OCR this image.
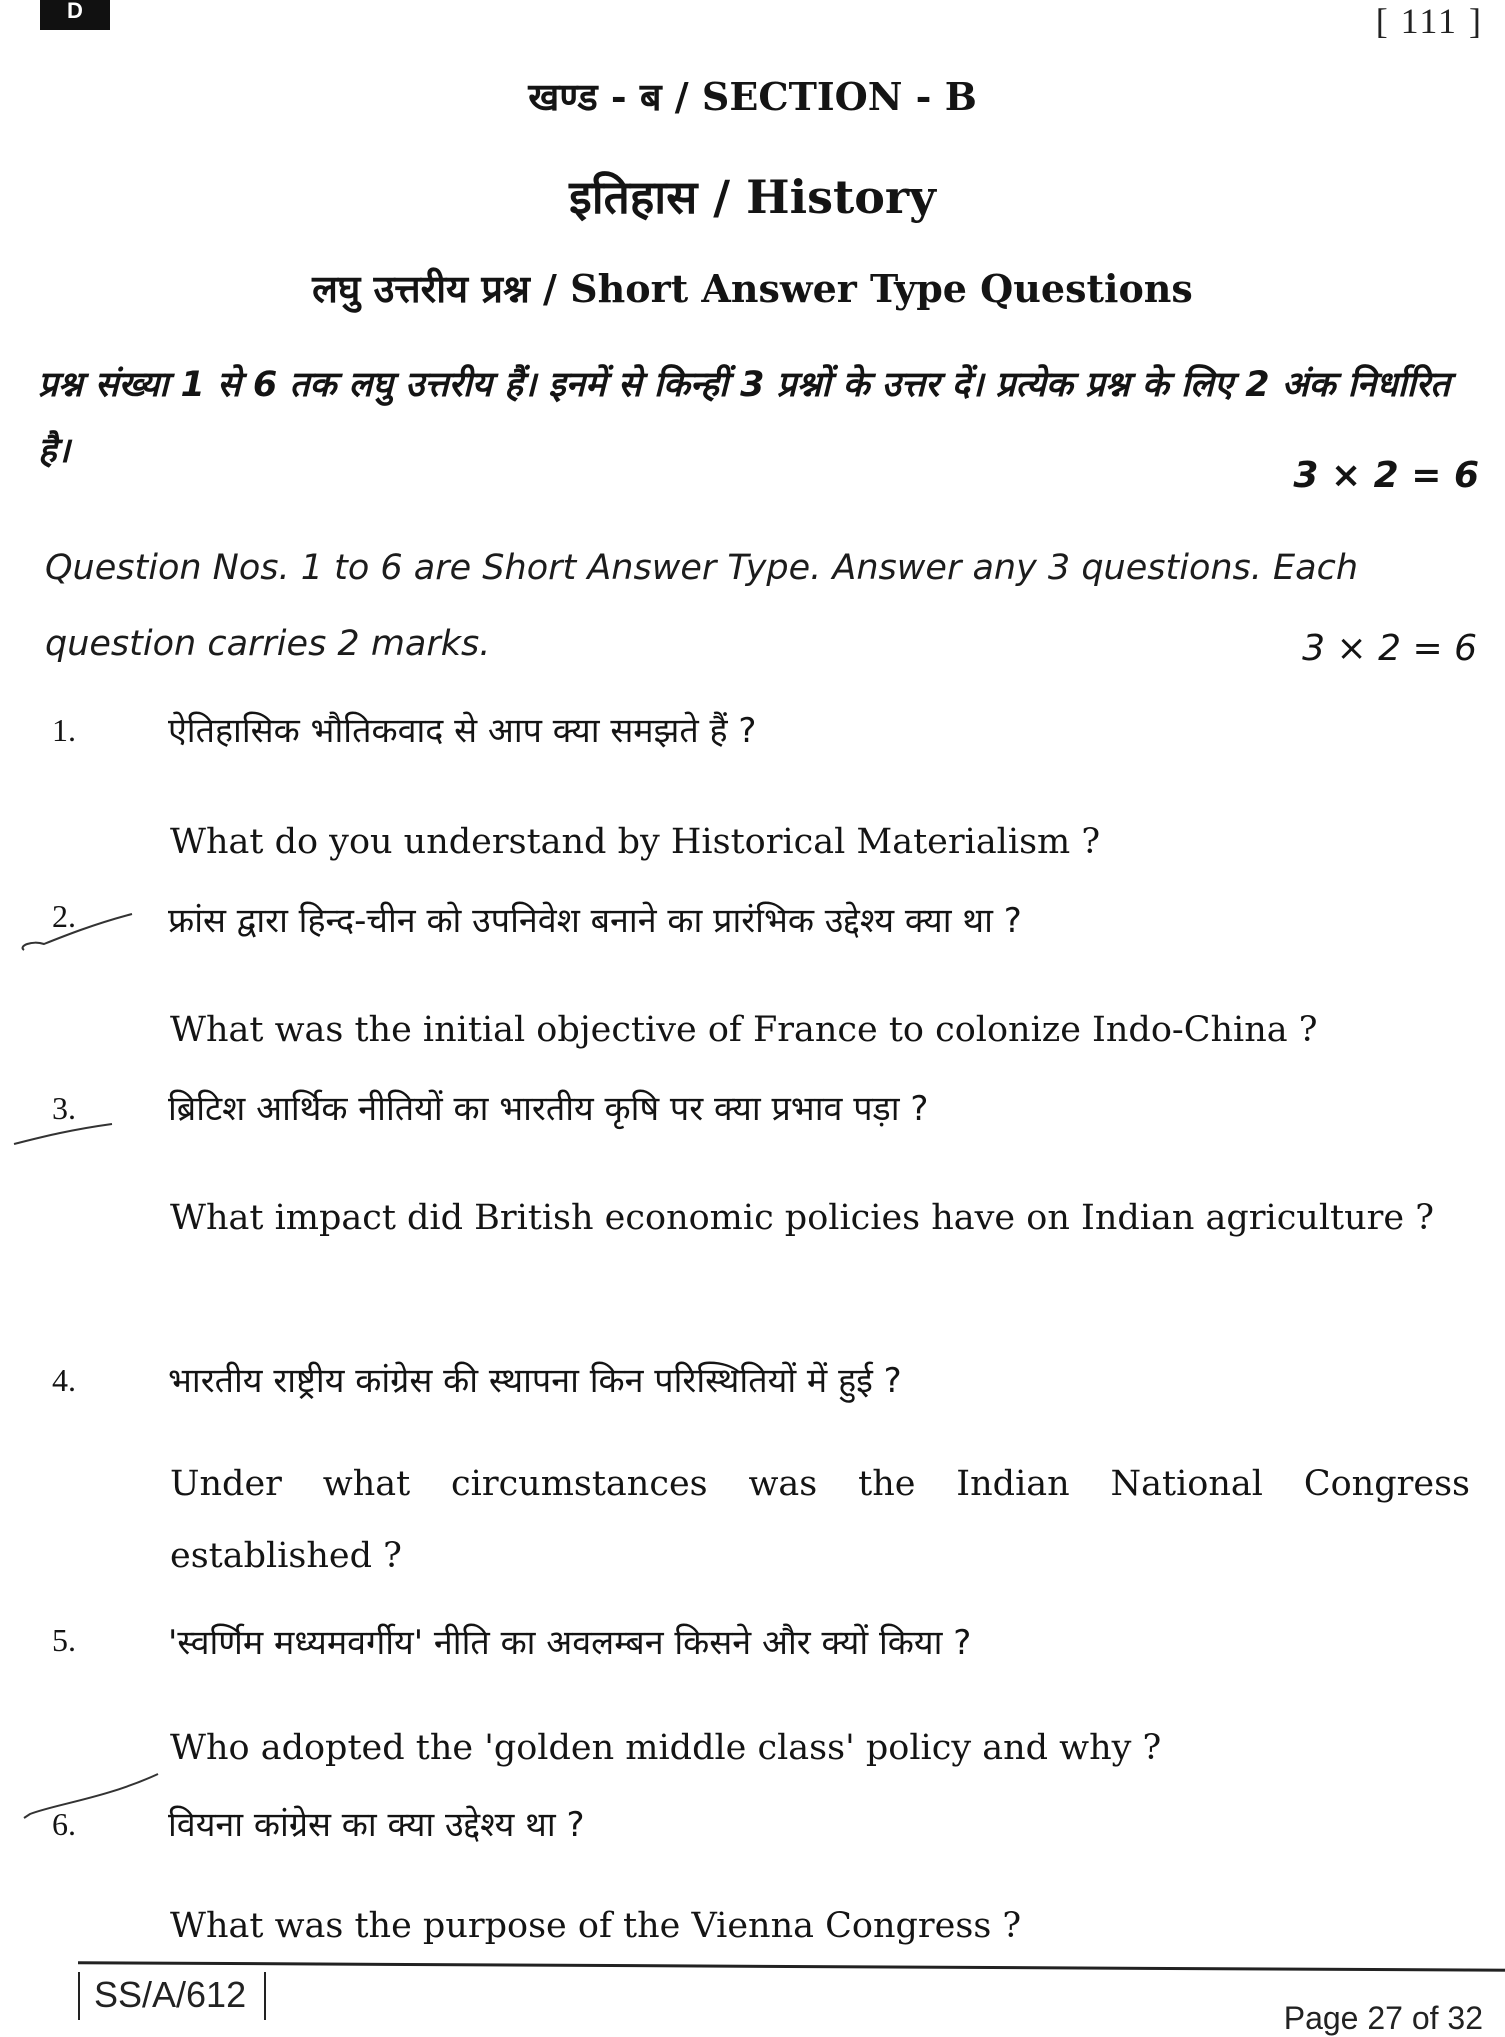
D	[ 111 ]
खण्ड - ब / SECTION - B
इतिहास / History
लघु उत्तरीय प्रश्न / Short Answer Type Questions
प्रश्न संख्या 1 से 6 तक लघु उत्तरीय हैं। इनमें से किन्हीं 3 प्रश्नों के उत्तर दें। प्रत्येक प्रश्न के लिए 2 अंक निर्धारित है।
3 × 2 = 6
Question Nos. 1 to 6 are Short Answer Type. Answer any 3 questions. Each question carries 2 marks.	3 × 2 = 6
1.	ऐतिहासिक भौतिकवाद से आप क्या समझते हैं ?
What do you understand by Historical Materialism ?
2.	फ्रांस द्वारा हिन्द-चीन को उपनिवेश बनाने का प्रारंभिक उद्देश्य क्या था ?
What was the initial objective of France to colonize Indo-China ?
3.	ब्रिटिश आर्थिक नीतियों का भारतीय कृषि पर क्या प्रभाव पड़ा ?
What impact did British economic policies have on Indian agriculture ?
4.	भारतीय राष्ट्रीय कांग्रेस की स्थापना किन परिस्थितियों में हुई ?
Under what circumstances was the Indian National Congress established ?
5.	'स्वर्णिम मध्यमवर्गीय' नीति का अवलम्बन किसने और क्यों किया ?
Who adopted the 'golden middle class' policy and why ?
6.	वियना कांग्रेस का क्या उद्देश्य था ?
What was the purpose of the Vienna Congress ?
SS/A/612
Page 27 of 32
